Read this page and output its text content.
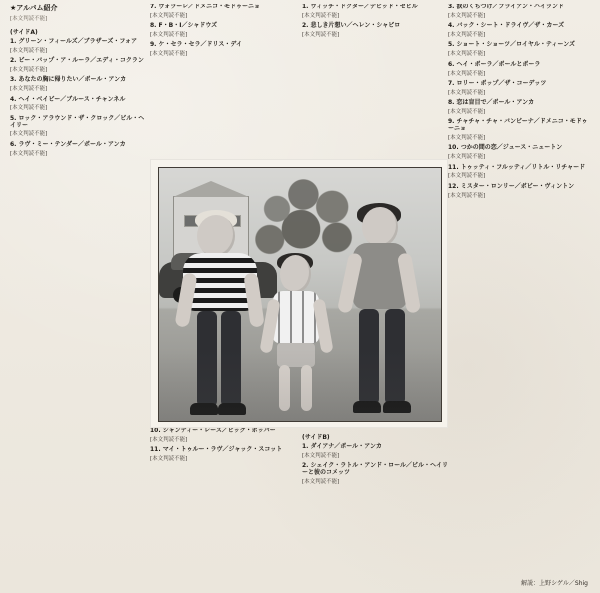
★アルバム紹介

[本文判読不能]

(サイドA)
1. グリーン・フィールズ／ブラザーズ・フォア

[本文判読不能]

2. ビー・バップ・ア・ルーラ／エディ・コクラン

[本文判読不能]

3. あなたの胸に帰りたい／ポール・アンカ

[本文判読不能]

4. ヘイ・ベイビー／ブルース・チャンネル

[本文判読不能]

5. ロック・アラウンド・ザ・クロック／ビル・ヘイリー

[本文判読不能]

6. ラヴ・ミー・テンダー／ポール・アンカ

[本文判読不能]

7. ヴォラーレ／ドメニコ・モドゥーニョ

[本文判読不能]

8. F・B・I／シャドウズ

[本文判読不能]

9. ケ・セラ・セラ／ドリス・デイ

[本文判読不能]

1. ウィッチ・ドクター／デビッド・セビル

[本文判読不能]

2. 悲しき片想い／ヘレン・シャピロ

[本文判読不能]

3. 涙のくちづけ／ブライアン・ハイランド

[本文判読不能]

4. バック・シート・ドライヴ／ザ・カーズ

[本文判読不能]

5. ショート・ショーツ／ロイヤル・ティーンズ

[本文判読不能]

6. ヘイ・ポーラ／ポールとポーラ

[本文判読不能]

7. ロリー・ポップ／ザ・コーデッツ

[本文判読不能]

8. 恋は盲目で／ポール・アンカ

[本文判読不能]

9. チャチャ・チャ・バンビーナ／ドメニコ・モドゥーニョ

[本文判読不能]

10. つかの間の恋／ジュース・ニュートン

[本文判読不能]

11. トゥッティ・フルッティ／リトル・リチャード

[本文判読不能]

12. ミスター・ロンリー／ボビー・ヴィントン

[本文判読不能]

10. シャンティー・レース／ビッグ・ボッパー

[本文判読不能]

11. マイ・トゥルー・ラヴ／ジャック・スコット

[本文判読不能]

(サイドB)
1. ダイアナ／ポール・アンカ

[本文判読不能]

2. シェイク・ラトル・アンド・ロール／ビル・ヘイリーと彼のコメッツ

[本文判読不能]

解説：上野シゲル／Shig
